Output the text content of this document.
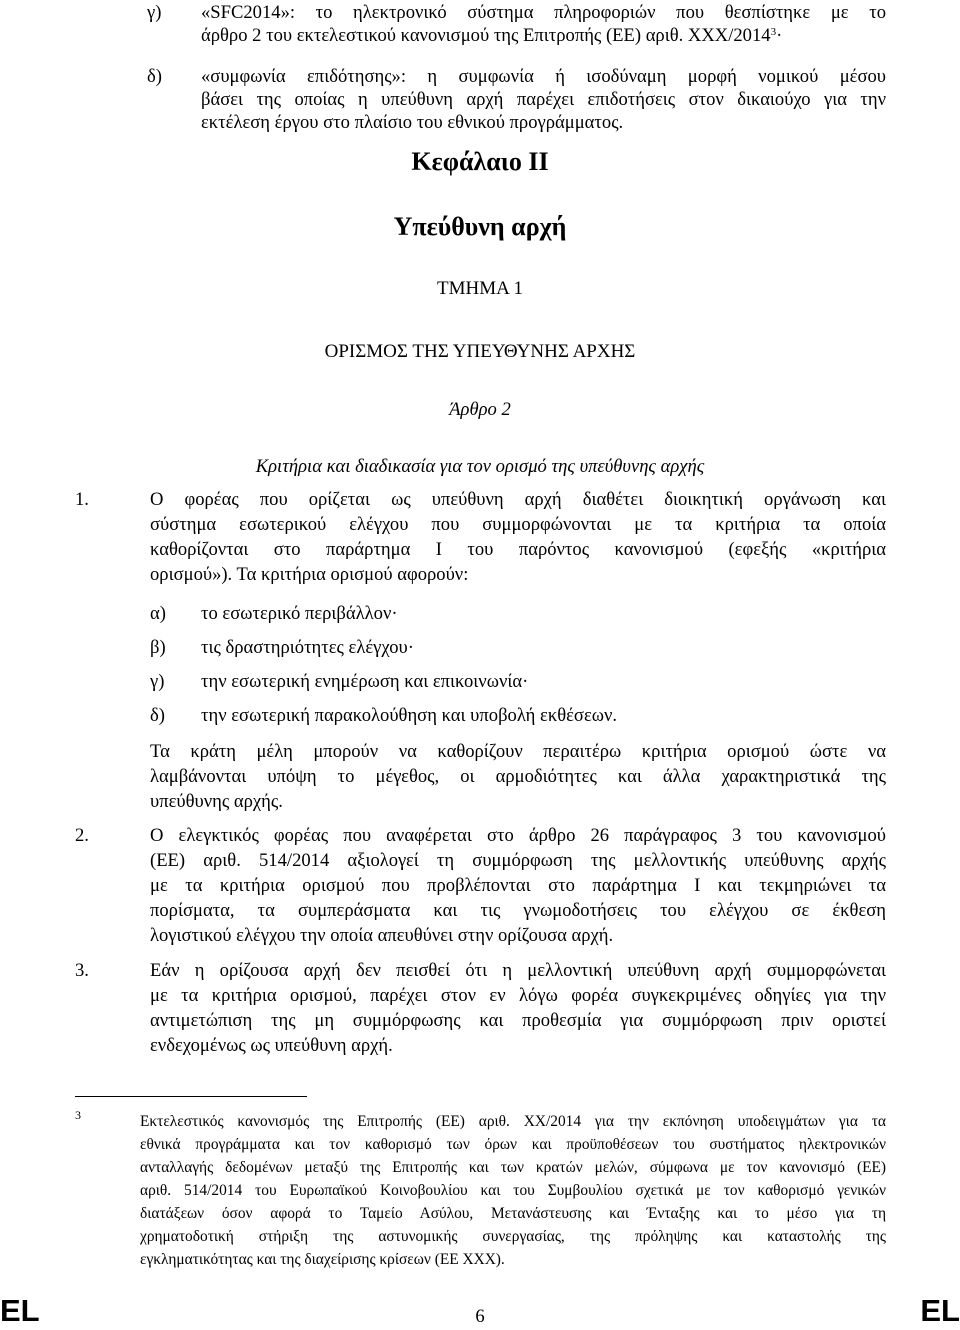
γ) «SFC2014»: το ηλεκτρονικό σύστημα πληροφοριών που θεσπίστηκε με το
άρθρο 2 του εκτελεστικού κανονισμού της Επιτροπής (ΕΕ) αριθ. XXX/$2014^3\cdot$
δ) «συμφωνία επιδότησης»: η συμφωνία ή ισοδύναμη μορφή νομικού μέσου
βάσει της οποίας η υπεύθυνη αρχή παρέχει επιδοτήσεις στον δικαιούχο για την
εκτέλεση έργου στο πλαίσιο του εθνικού προγράμματος.
Κεφάλαιο II
Υπεύθυνη αρχή
ΤΜΗΜΑ 1
ΟΡΙΣΜΟΣ ΤΗΣ ΥΠΕΥΘΥΝΗΣ ΑΡΧΗΣ
Άρθρο 2
Κριτήρια και διαδικασία για τον ορισμό της υπεύθυνης αρχής
1.	Ο φορέας που ορίζεται ως υπεύθυνη αρχή διαθέτει διοικητική οργάνωση και
σύστημα εσωτερικού ελέγχου που συμμορφώνονται με τα κριτήρια τα οποία
καθορίζονται στο παράρτημα I του παρόντος κανονισμού (εφεξής «κριτήρια
ορισμού»). Τα κριτήρια ορισμού αφορούν:
α) το εσωτερικό περιβάλλον·
β) τις δραστηριότητες ελέγχου·
γ) την εσωτερική ενημέρωση και επικοινωνία·
δ) την εσωτερική παρακολούθηση και υποβολή εκθέσεων.
Τα κράτη μέλη μπορούν να καθορίζουν περαιτέρω κριτήρια ορισμού ώστε να
λαμβάνονται υπόψη το μέγεθος, οι αρμοδιότητες και άλλα χαρακτηριστικά της
υπεύθυνης αρχής.
2.	Ο ελεγκτικός φορέας που αναφέρεται στο άρθρο 26 παράγραφος 3 του κανονισμού
(ΕΕ) αριθ. 514/2014 αξιολογεί τη συμμόρφωση της μελλοντικής υπεύθυνης αρχής
με τα κριτήρια ορισμού που προβλέπονται στο παράρτημα I και τεκμηριώνει τα
πορίσματα, τα συμπεράσματα και τις γνωμοδοτήσεις του ελέγχου σε έκθεση
λογιστικού ελέγχου την οποία απευθύνει στην ορίζουσα αρχή.
3.	Εάν η ορίζουσα αρχή δεν πεισθεί ότι η μελλοντική υπεύθυνη αρχή συμμορφώνεται
με τα κριτήρια ορισμού, παρέχει στον εν λόγω φορέα συγκεκριμένες οδηγίες για την
αντιμετώπιση της μη συμμόρφωσης και προθεσμία για συμμόρφωση πριν οριστεί
ενδεχομένως ως υπεύθυνη αρχή.
3	Εκτελεστικός κανονισμός της Επιτροπής (ΕΕ) αριθ. XX/2014 για την εκπόνηση υποδειγμάτων για τα
εθνικά προγράμματα και τον καθορισμό των όρων και προϋποθέσεων του συστήματος ηλεκτρονικών
ανταλλαγής δεδομένων μεταξύ της Επιτροπής και των κρατών μελών, σύμφωνα με τον κανονισμό (ΕΕ)
αριθ. 514/2014 του Ευρωπαϊκού Κοινοβουλίου και του Συμβουλίου σχετικά με τον καθορισμό γενικών
διατάξεων όσον αφορά το Ταμείο Ασύλου, Μετανάστευσης και Ένταξης και το μέσο για τη
χρηματοδοτική στήριξη της αστυνομικής συνεργασίας, της πρόληψης και καταστολής της
εγκληματικότητας και της διαχείρισης κρίσεων (ΕΕ XXX).
EL	6	EL
